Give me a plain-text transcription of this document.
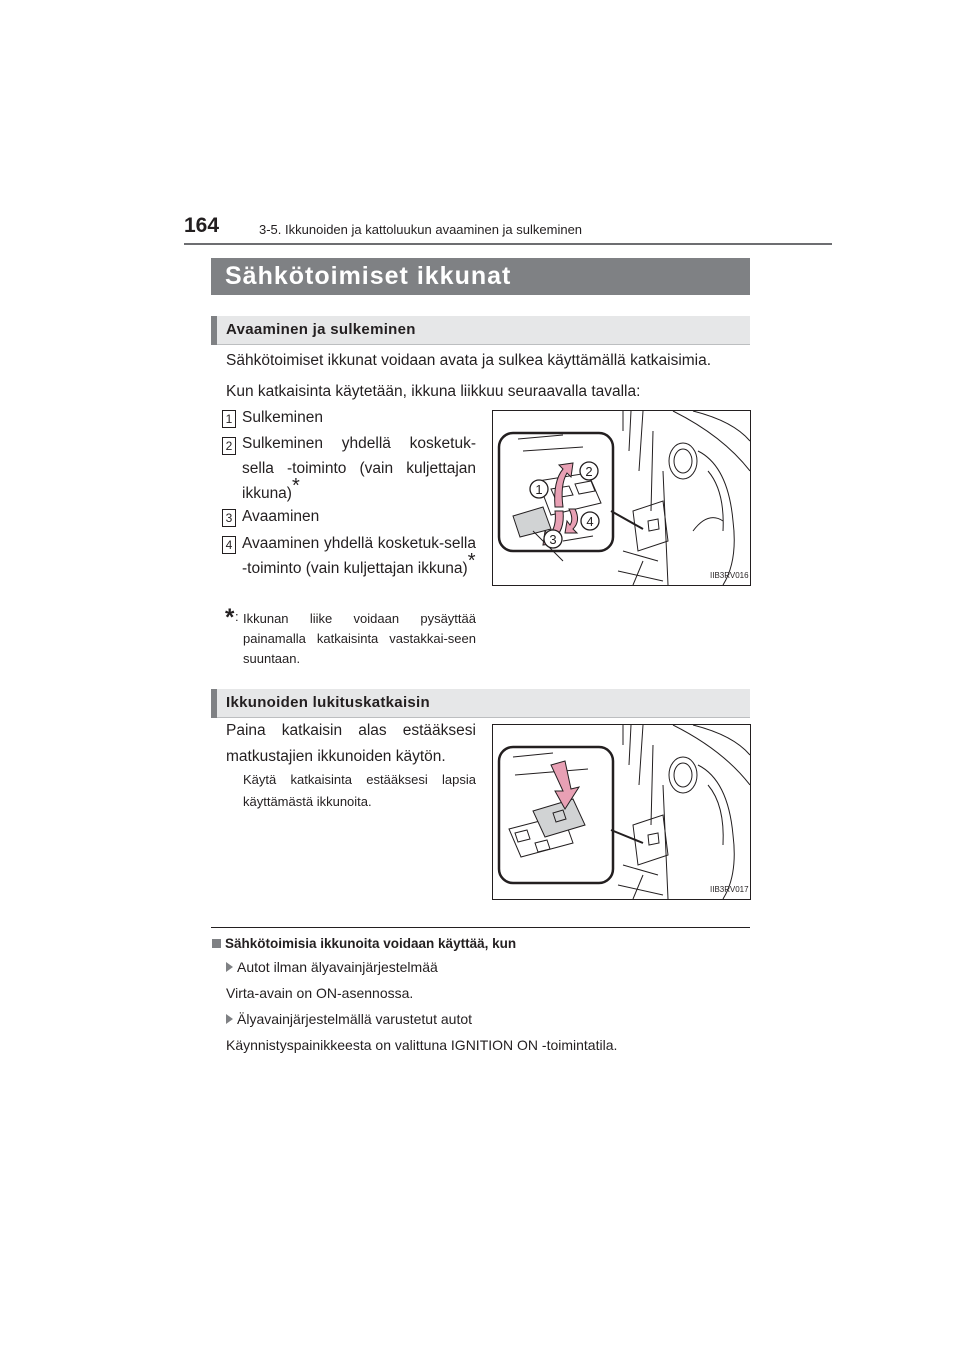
164	3-5. Ikkunoiden ja kattoluukun avaaminen ja sulkeminen
Sähkötoimiset ikkunat
Avaaminen ja sulkeminen
Sähkötoimiset ikkunat voidaan avata ja sulkea käyttämällä katkaisimia.
Kun katkaisinta käytetään, ikkuna liikkuu seuraavalla tavalla:
1 Sulkeminen
2 Sulkeminen yhdellä kosketuk-sella -toiminto (vain kuljettajan ikkuna)*
3 Avaaminen
4 Avaaminen yhdellä kosketuk-sella -toiminto (vain kuljettajan ikkuna)*
* : Ikkunan liike voidaan pysäyttää painamalla katkaisinta vastakkai-seen suuntaan.
1
2
3
4
IIB3RV016
Ikkunoiden lukituskatkaisin
Paina katkaisin alas estääksesi matkustajien ikkunoiden käytön.
Käytä katkaisinta estääksesi lapsia käyttämästä ikkunoita.
IIB3RV017
Sähkötoimisia ikkunoita voidaan käyttää, kun
Autot ilman älyavainjärjestelmää
Virta-avain on ON-asennossa.
Älyavainjärjestelmällä varustetut autot
Käynnistyspainikkeesta on valittuna IGNITION ON -toimintatila.
